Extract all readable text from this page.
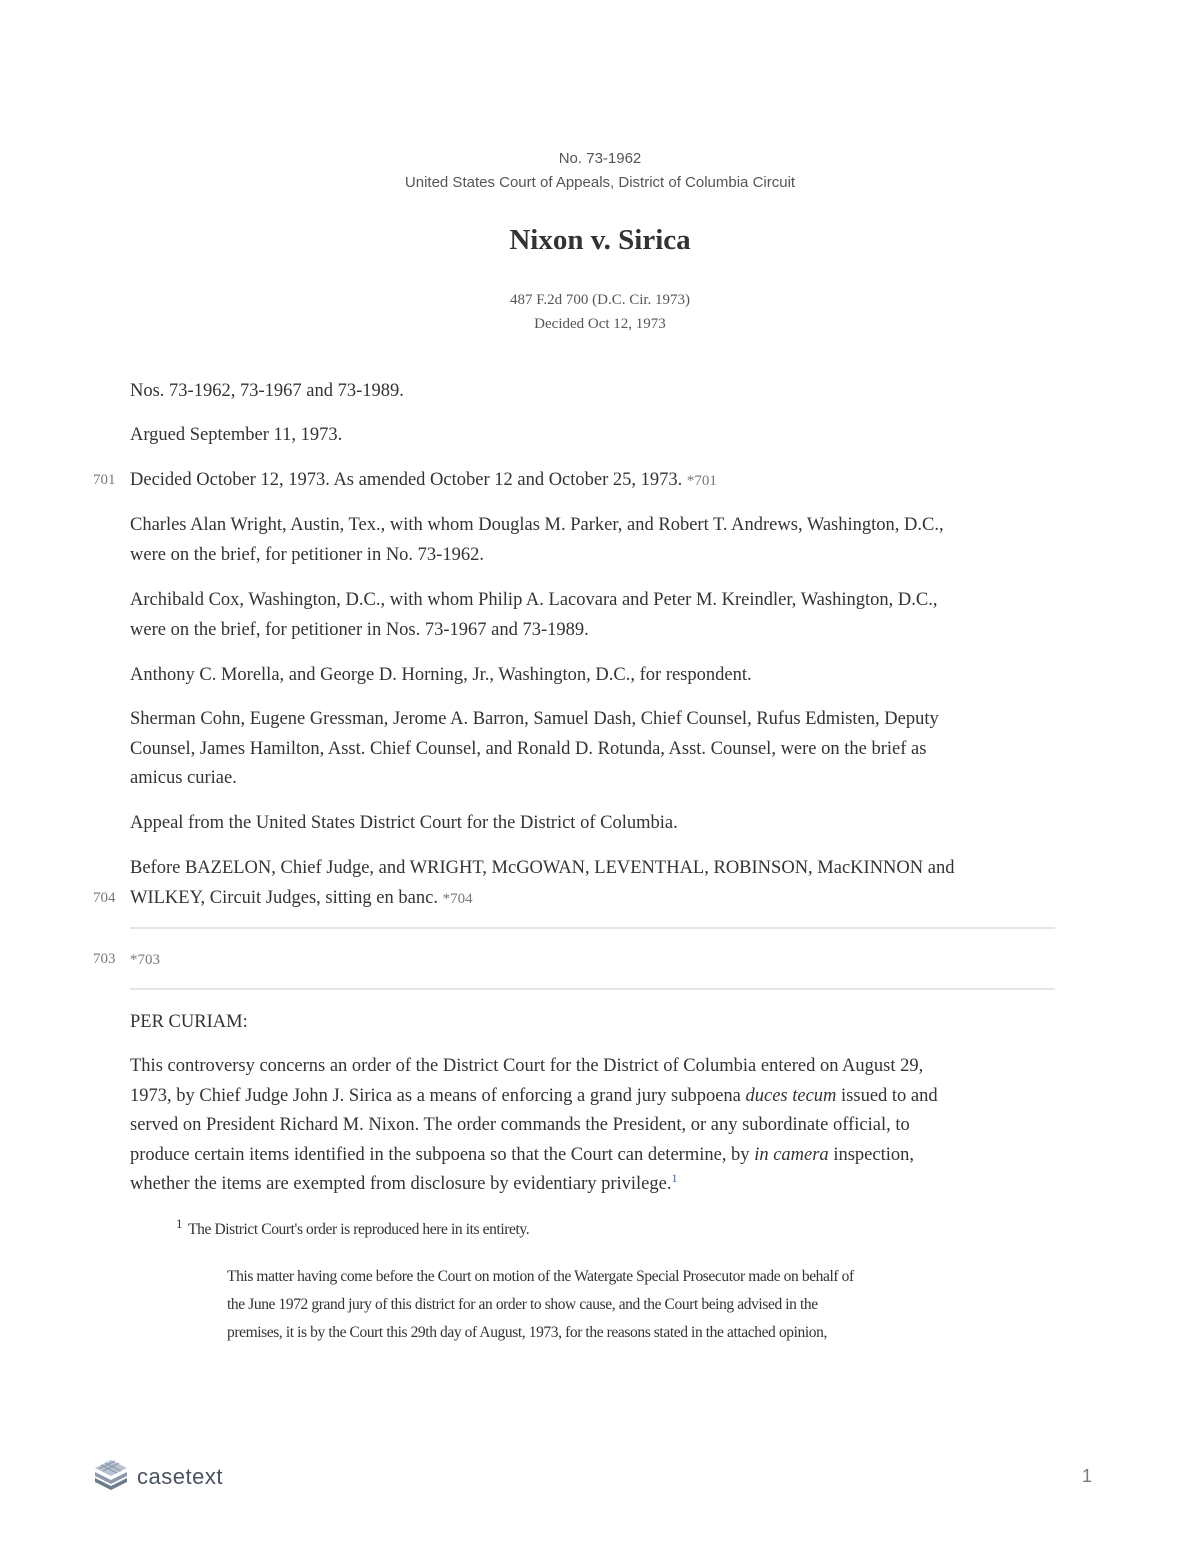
No. 73-1962
United States Court of Appeals, District of Columbia Circuit
Nixon v. Sirica
487 F.2d 700 (D.C. Cir. 1973)
Decided Oct 12, 1973
Nos. 73-1962, 73-1967 and 73-1989.
Argued September 11, 1973.
701 Decided October 12, 1973. As amended October 12 and October 25, 1973. *701
Charles Alan Wright, Austin, Tex., with whom Douglas M. Parker, and Robert T. Andrews, Washington, D.C.,
were on the brief, for petitioner in No. 73-1962.
Archibald Cox, Washington, D.C., with whom Philip A. Lacovara and Peter M. Kreindler, Washington, D.C.,
were on the brief, for petitioner in Nos. 73-1967 and 73-1989.
Anthony C. Morella, and George D. Horning, Jr., Washington, D.C., for respondent.
Sherman Cohn, Eugene Gressman, Jerome A. Barron, Samuel Dash, Chief Counsel, Rufus Edmisten, Deputy
Counsel, James Hamilton, Asst. Chief Counsel, and Ronald D. Rotunda, Asst. Counsel, were on the brief as
amicus curiae.
Appeal from the United States District Court for the District of Columbia.
Before BAZELON, Chief Judge, and WRIGHT, McGOWAN, LEVENTHAL, ROBINSON, MacKINNON and
WILKEY, Circuit Judges, sitting en banc. *704
704
703 *703
PER CURIAM:
This controversy concerns an order of the District Court for the District of Columbia entered on August 29,
1973, by Chief Judge John J. Sirica as a means of enforcing a grand jury subpoena duces tecum issued to and
served on President Richard M. Nixon. The order commands the President, or any subordinate official, to
produce certain items identified in the subpoena so that the Court can determine, by in camera inspection,
whether the items are exempted from disclosure by evidentiary privilege.$^1$
$^1$ The District Court's order is reproduced here in its entirety.
This matter having come before the Court on motion of the Watergate Special Prosecutor made on behalf of
the June 1972 grand jury of this district for an order to show cause, and the Court being advised in the
premises, it is by the Court this 29th day of August, 1973, for the reasons stated in the attached opinion,
casetext	1
